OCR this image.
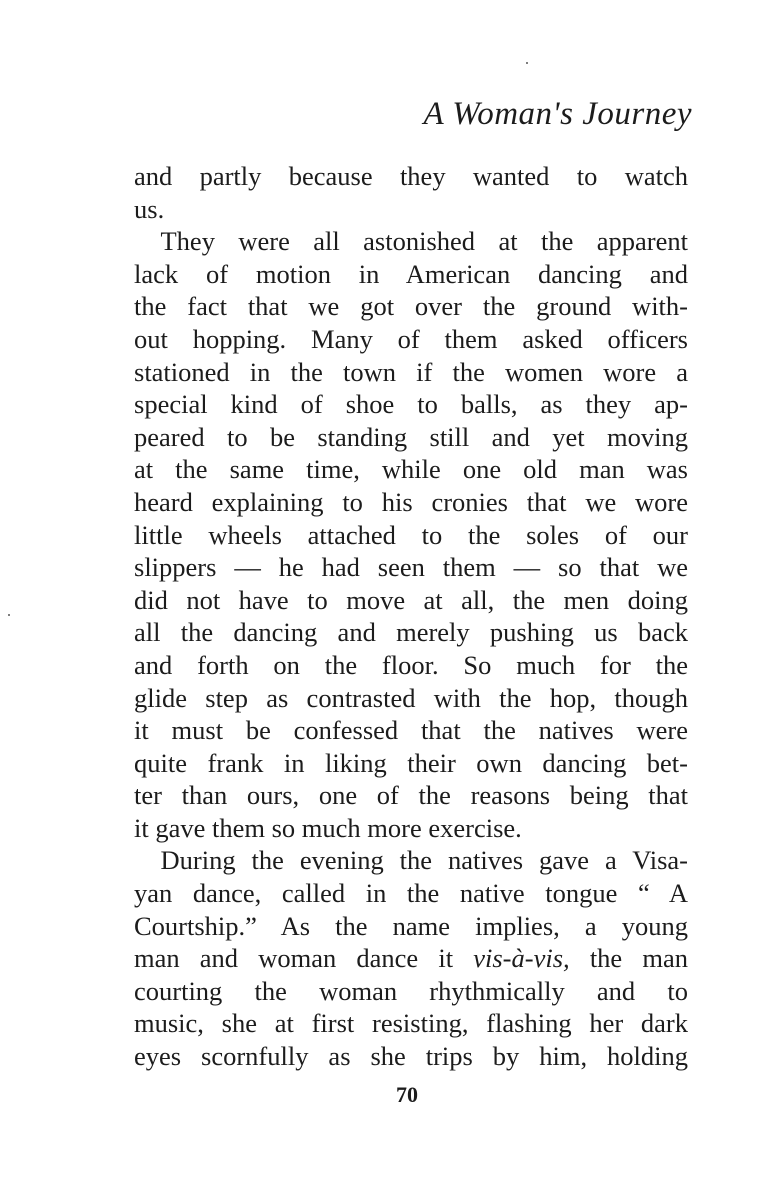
A Woman's Journey
and partly because they wanted to watch
us.
 They were all astonished at the apparent
lack of motion in American dancing and
the fact that we got over the ground with-
out hopping. Many of them asked officers
stationed in the town if the women wore a
special kind of shoe to balls, as they ap-
peared to be standing still and yet moving
at the same time, while one old man was
heard explaining to his cronies that we wore
little wheels attached to the soles of our
slippers — he had seen them — so that we
did not have to move at all, the men doing
all the dancing and merely pushing us back
and forth on the floor. So much for the
glide step as contrasted with the hop, though
it must be confessed that the natives were
quite frank in liking their own dancing bet-
ter than ours, one of the reasons being that
it gave them so much more exercise.
 During the evening the natives gave a Visa-
yan dance, called in the native tongue “ A
Courtship.” As the name implies, a young
man and woman dance it vis-à-vis, the man
courting the woman rhythmically and to
music, she at first resisting, flashing her dark
eyes scornfully as she trips by him, holding
70
